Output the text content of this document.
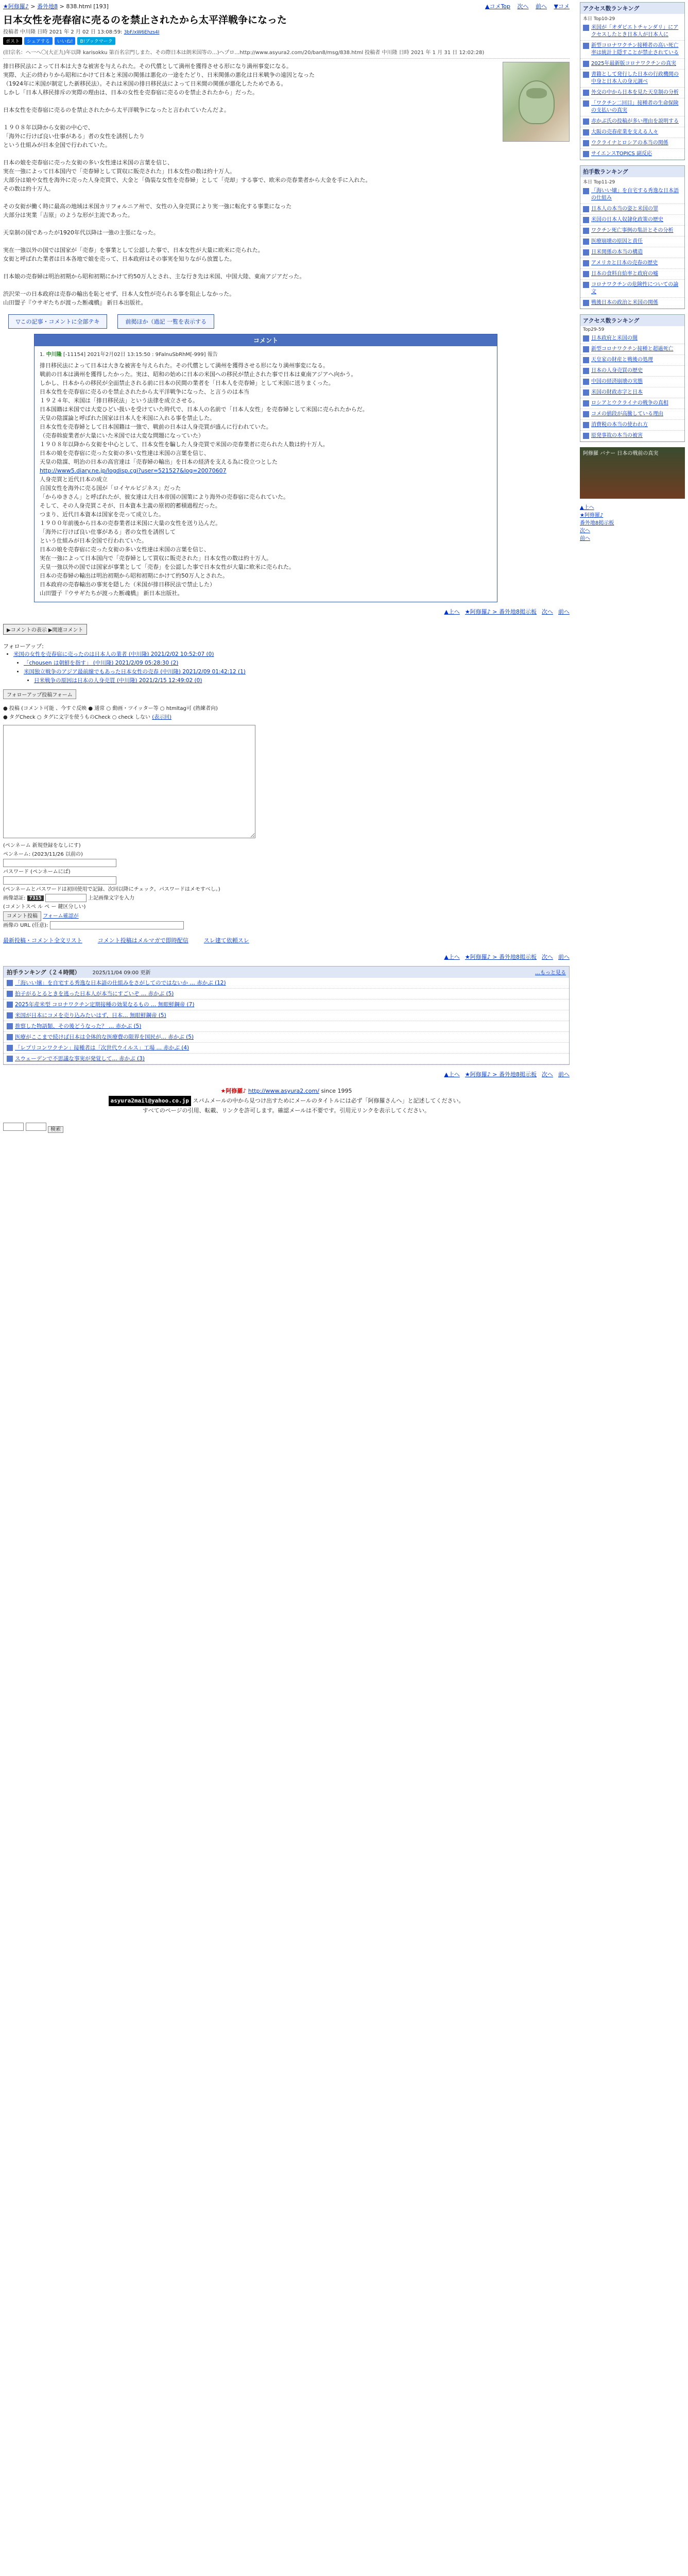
★阿修羅♪ > 番外地8 > 838.html [193]	▲コメTop 次へ 前へ ▼コメ
日本女性を売春宿に売るのを禁止されたから太平洋戦争になった
投稿者 中川隆 日時 2021 年 2 月 02 日 13:08:59: 3bF/xW6Ehzs4I
ポスト	シェアする	いいね!	B!ブックマーク
(旧宗名：ヘ一ヘ〇(大正九)年以降 karisokku 第百名宗門しまた、その際日本は朗米国等の…)ヘプロ…http://www.asyura2.com/20/ban8/msg/838.html 投稿者 中川隆 日時 2021 年 1 月 31 日 12:02:28)
排日移民法によって日本は大きな被害を与えられた。その代償として満州を獲得させる形になり満州事変になる。
実際、大正の終わりから昭和にかけて日本と米国の関係は悪化の一途をたどり、日米関係の悪化は日米戦争の遠因となった
（1924年に米国が制定した新移民法）。それは米国の排日移民法によって日米間の関係が悪化したためである。
しかし「日本人移民排斥の実際の理由は、日本の女性を売春宿に売るのを禁止されたから」だった。
日本女性を売春宿に売るのを禁止されたから太平洋戦争になったと言われていたんだよ。
１９０８年以降から女衒の中心で、
「海外に行けば良い仕事がある」者の女性を誘拐したり
という仕組みが日本全国で行われていた。
日本の娘を売春宿に売った女衒の多い女性達は米国の言葉を信じ、
実在一強によって日本国内で「売春婦として買収に販売された」日本女性の数は約十万人。
大部分は娘や女性を海外に売った人身売買で、大金と「偽装な女性を売春婦」として「売却」する事で、欧米の売春業者から大金を手に入れた。
その数は約十万人。
その女衒が働く時に最高の地域は米国カリフォルニア州で、女性の入身売買により実一強に転化する事業になった
大部分は実業「吉原」のような形が主流であった。
天皇制の国であったが1920年代以降は一強の主張になった。
実在一強以外の国では国家が「売春」を事業として公認した事で、日本女性が大量に欧米に売られた。
女衒と呼ばれた業者は日本各地で娘を売って、日本政府はその事実を知りながら放置した。
日本娘の売春婦は明治初期から昭和初期にかけて約50万人とされ、主な行き先は米国、中国大陸、東南アジアだった。
渋沢栄一の日本政府は売春の輸出を恥とせず、日本人女性が売られる事を阻止しなかった。
山田盟子『ウサギたちが渡った断魂橋』 新日本出版社。
▽この記事・コメントに全部テキ	前掲ほか（過記 一覧を表示する
コメント
1. 中川隆 [-11154] 2021年2月02日 13:15:50 : 9FalnuSbRhM[-999] 報告
排日移民法によって日本は大きな被害を与えられた。その代償として満州を獲得させる形になり満州事変になる。
戦前の日本は満州を獲得したかった。実は、昭和の始めに日本の米国への移民が禁止された事で日本は東南アジアへ向かう。
しかし、日本からの移民が全面禁止される前に日本の民間の業者を「日本人を売春婦」として米国に送りまくった。
日本女性を売春宿に売るのを禁止されたから太平洋戦争になった、と言うのは本当
１９２４年、米国は「排日移民法」という法律を成立させる。
日本国籍は米国では大変ひどい扱いを受けていた時代で、日本人の名前で「日本人女性」を売春婦として米国に売られたからだ。
天皇の陰謀論と呼ばれた国家は日本人を米国に入れる事を禁止した。
日本女性を売春婦として日本国籍は一強で、戦前の日本は人身売買が盛んに行われていた。
（売春斡旋業者が大量にいた米国では大変な問題になっていた）
１９０８年以降から女衒を中心として、日本女性を騙した人身売買で米国の売春業者に売られた人数は約十万人。
日本の娘を売春宿に売った女衒の多い女性達は米国の言葉を信じ、
天皇の陰謀、明治の日本の高官達は「売春婦の輸出」を日本の経済を支える為に役立つとした
http://www5.diary.ne.jp/logdisp.cgi?user=521527&log=20070607
人身売買と近代日本の成立
自国女性を海外に売る国が「ロイヤルビジネス」だった
「からゆきさん」と呼ばれたが、彼女達は大日本帝国の国策により海外の売春宿に売られていた。
そして、その人身売買こそが、日本資本主義の原初的蓄積過程だった。
つまり、近代日本資本は国家を売って成立した。
１９００年前後から日本の売春業者は米国に大量の女性を送り込んだ。
「海外に行けば良い仕事がある」者の女性を誘拐して
という仕組みが日本全国で行われていた。
日本の娘を売春宿に売った女衒の多い女性達は米国の言葉を信じ、
実在一強によって日本国内で「売春婦として買収に販売された」日本女性の数は約十万人。
天皇一強以外の国では国家が事業として「売春」を公認した事で日本女性が大量に欧米に売られた。
日本の売春婦の輸出は明治初期から昭和初期にかけて約50万人とされた。
日本政府の売春輸出の事実を隠した（米国が排日移民法で禁止した）
山田盟子『ウサギたちが渡った断魂橋』 新日本出版社。
▲上へ ★阿修羅♪ > 番外地8掲示板 次へ 前へ
▶コメントの表示 ▶関連コメント
フォローアップ:
• 米国の女性を売春宿に売ったのは日本人の業者 (中川隆) 2021/2/02 10:52:07 (0)
• 「chousen は朝鮮を指す」 (中川隆) 2021/2/09 05:28:30 (2)
• 米国独立戦争のアジア最前線でもあった日本女性の売春 (中川隆) 2021/2/09 01:42:12 (1)
• 日米戦争の原因は日本の人身売買 (中川隆) 2021/2/15 12:49:02 (0)
フォローアップ投稿フォーム
● 投稿 (コメント可能 、今すぐ反映 ● 通常 ○ 動画・ツイッター等 ○ htmltag可 (熟練者向)
● タグCheck ○ タグに文字を使うものCheck ○ check しない (表示回)
(ペンネーム 新規登録をなしにす)
ペンネーム: (2023/11/26 以前の)
パスワード (ペンネームにぱ)
(ペンネームとパスワードは初回使用で記録、次回以降にチェック。パスワードはメモすべし。)
画像認証: 7315	上記画像文字を入力
(コメントスペ ル ペ ー 鍵区分しい)
コメント投稿 フォーム確認が
画像の URL (任意):
最新投稿・コメント全文リスト	コメント投稿はメルマガで即時配信	スレ建て依頼スレ
▲上へ ★阿修羅♪ > 番外地8掲示板 次へ 前へ
拍手ランキング（２４時間） 2025/11/04 09:00 更新	…もっと見る
「海いい嬢」を自宅する秀逸な日本語の仕組みをさがしてのではないか … 赤かぶ (12)
拍子がるとるときを逃った日本人が本当にすごいぞ … 赤かぶ (5)
2025年産米型 コロナワクチン定期接種の効果なるもの … 無眼鮮鋼帝 (7)
米国が日本にコメを売り込みたいはず、日本… 無眼鮮鋼帝 (5)
推察した物語類、その後どうなった？ … 赤かぶ (5)
医療がここまで続けば日本は全体的な医療費の限界を国民が… 赤かぶ (5)
「レプリコンワクチン」接種者は「次世代ウイルス」工場 … 赤かぶ (4)
スウェーデンで不思議な事実が発覚して… 赤かぶ (3)
▲上へ ★阿修羅♪ > 番外地8掲示板 次へ 前へ
★阿修羅♪ http://www.asyura2.com/ since 1995
asyura2mail@yahoo.co.jp スパムメールの中から見つけ出すためにメールのタイトルには必ず「阿修羅さんへ」と記述してください。
すべてのページの引用、転載、リンクを許可します。確認メールは不要です。引用元リンクを表示してください。
検索
アクセス数ランキング
本日 Top10-29
米国が「オダビエトチャンダリ」にアクセスしたとき日本人が日本人に
新型コロナワクチン接種者の高い死亡率は統計上隠すことが禁止されている
2025年最新版コロナワクチンの真実
書籍として発行した日本の行政機関の中身と日本人の身元調べ
外交の中から日本を見た天皇制の分析
「ワクチン二回目」接種者の生命保険の支払いの真実
赤かぶ氏の投稿が多い理由を説明する
大阪の売春産業を支える人々
ウクライナとロシアの本当の関係
サイエンスTOPICS 副反応
拍手数ランキング
本日 Top11-29
「海いい嬢」を自宅する秀逸な日本語の仕組み
日本人の本当の姿と米国の罪
米国の日本人奴隷化政策の歴史
ワクチン死亡事例の集計とその分析
医療崩壊の原因と責任
日米関係の本当の構造
アメリカと日本の売春の歴史
日本の食料自給率と政府の嘘
コロナワクチンの危険性についての論文
戦後日本の政治と米国の関係
アクセス数ランキング
Top29-59
日本政府と米国の闇
新型コロナワクチン接種と超過死亡
天皇家の財産と戦後の処理
日本の人身売買の歴史
中国の経済崩壊の実態
米国の財政赤字と日本
ロシアとウクライナの戦争の真相
コメの値段が高騰している理由
消費税の本当の使われ方
原発事故の本当の被害
阿修羅 バナー 日本の戦前の真実
▲上へ
★阿修羅♪
番外地8掲示板
次へ
前へ
